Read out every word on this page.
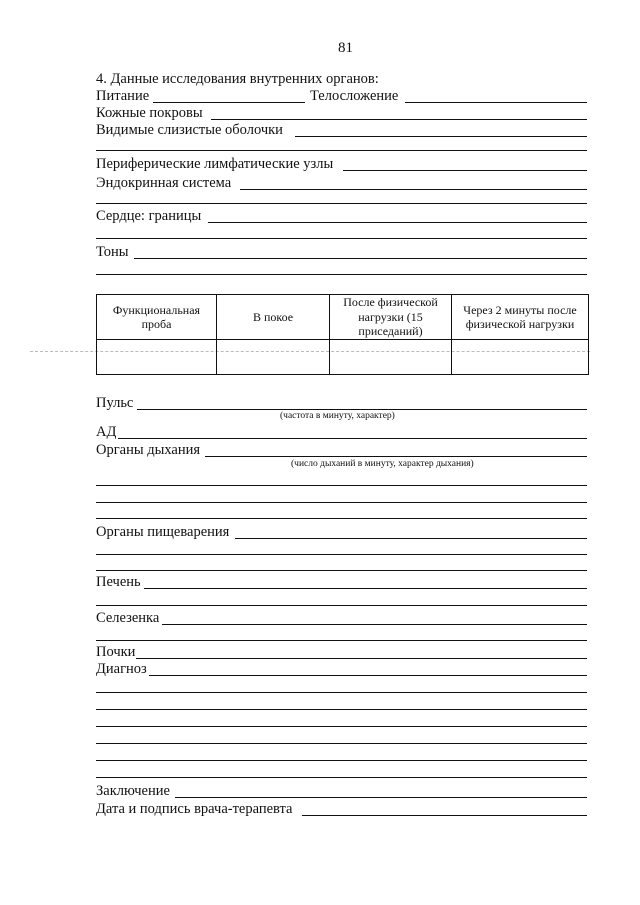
81
4. Данные исследования внутренних органов:
Питание	Телосложение
Кожные покровы
Видимые слизистые оболочки
Периферические лимфатические узлы
Эндокринная система
Сердце: границы
Тоны
Функциональная проба	В покое	После физической нагрузки (15 приседаний)	Через 2 минуты после физической нагрузки

Пульс
(частота в минуту, характер)
АД
Органы дыхания
(число дыханий в минуту, характер дыхания)
Органы пищеварения
Печень
Селезенка
Почки
Диагноз
Заключение
Дата и подпись врача-терапевта
